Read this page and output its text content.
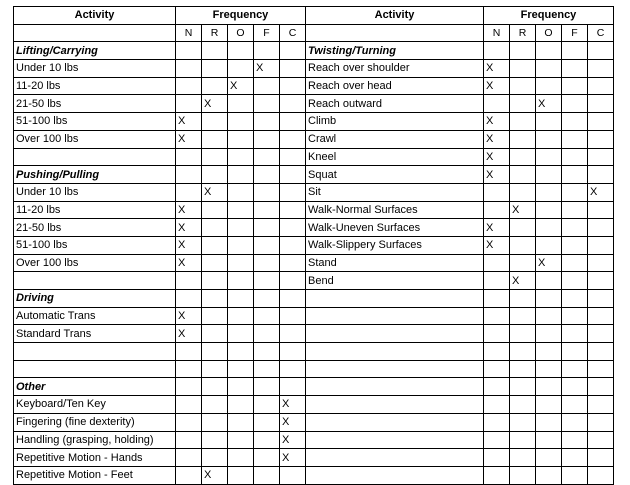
Activity	Frequency					Activity	Frequency				
	N	R	O	F	C		N	R	O	F	C
Lifting/Carrying						Twisting/Turning					
Under 10 lbs				X		Reach over shoulder	X				
11-20 lbs			X			Reach over head	X				
21-50 lbs		X				Reach outward			X		
51-100 lbs	X					Climb	X				
Over 100 lbs	X					Crawl	X				
						Kneel	X				
Pushing/Pulling						Squat	X				
Under 10 lbs		X				Sit					X
11-20 lbs	X					Walk-Normal Surfaces		X			
21-50 lbs	X					Walk-Uneven Surfaces	X				
51-100 lbs	X					Walk-Slippery Surfaces	X				
Over 100 lbs	X					Stand			X		
						Bend		X			
Driving											
Automatic Trans	X										
Standard Trans	X										

Other											
Keyboard/Ten Key					X						
Fingering (fine dexterity)					X						
Handling (grasping, holding)					X						
Repetitive Motion - Hands					X						
Repetitive Motion - Feet		X									
